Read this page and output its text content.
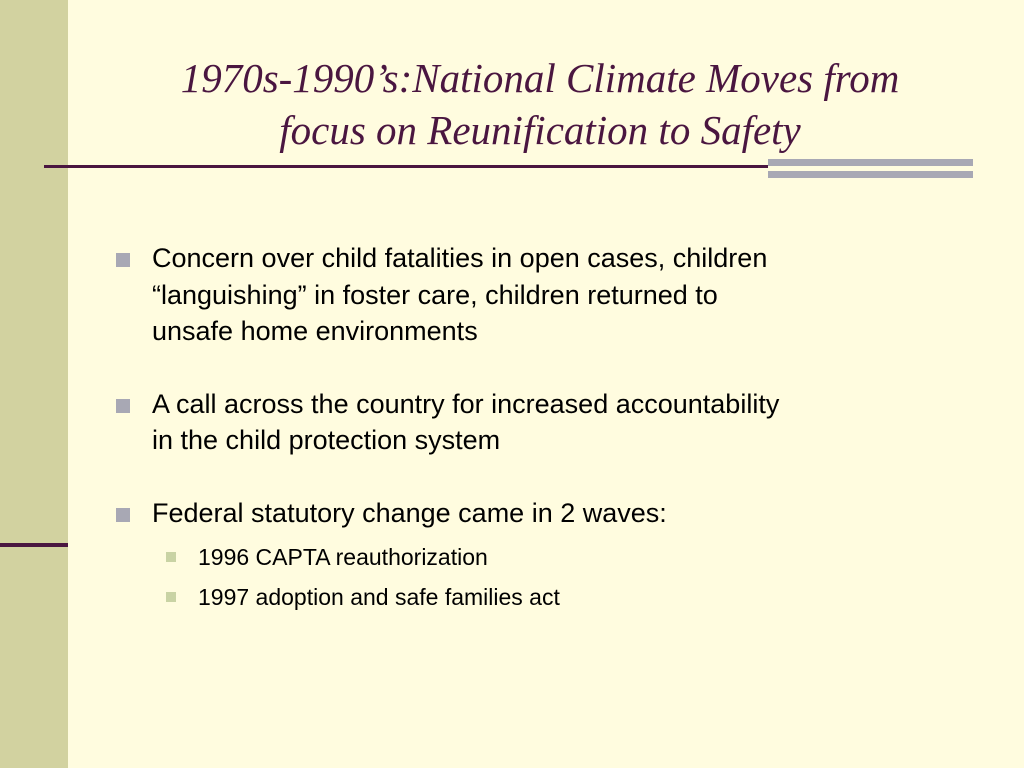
1970s-1990’s:National Climate Moves from
focus on Reunification to Safety
Concern over child fatalities in open cases, children
“languishing” in foster care, children returned to
unsafe home environments
A call across the country for increased accountability
in the child protection system
Federal statutory change came in 2 waves:
1996 CAPTA reauthorization
1997 adoption and safe families act
